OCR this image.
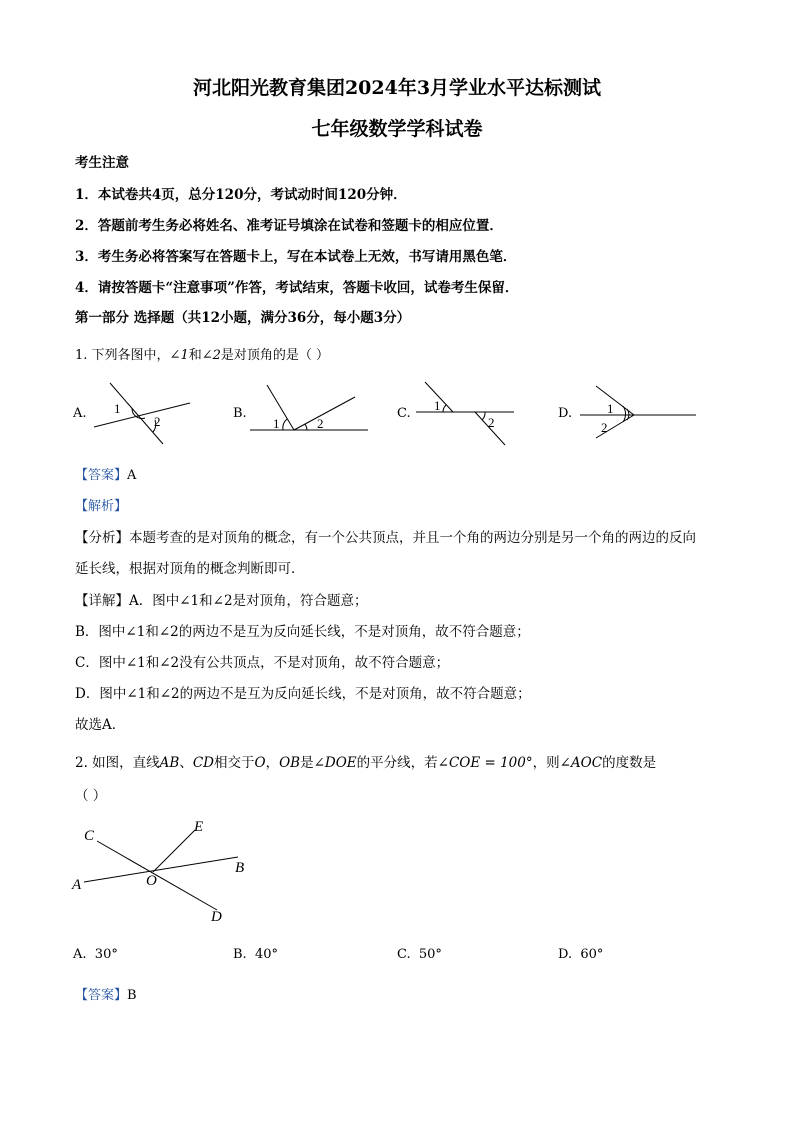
河北阳光教育集团2024年3月学业水平达标测试
七年级数学学科试卷
考生注意
1．本试卷共4页，总分120分，考试动时间120分钟．
2．答题前考生务必将姓名、准考证号填涂在试卷和签题卡的相应位置．
3．考生务必将答案写在答题卡上，写在本试卷上无效，书写请用黑色笔．
4．请按答题卡“注意事项”作答，考试结束，答题卡收回，试卷考生保留．
第一部分 选择题（共12小题，满分36分，每小题3分）
1. 下列各图中，∠1和∠2是对顶角的是（ ）
A. 1
2
B.
1	2
C.
1
2
D.	1
2
【答案】A
【解析】
【分析】本题考查的是对顶角的概念，有一个公共顶点，并且一个角的两边分别是另一个角的两边的反向
延长线，根据对顶角的概念判断即可．
【详解】A．图中∠1和∠2是对顶角，符合题意；
B．图中∠1和∠2的两边不是互为反向延长线，不是对顶角，故不符合题意；
C．图中∠1和∠2没有公共顶点，不是对顶角，故不符合题意；
D．图中∠1和∠2的两边不是互为反向延长线，不是对顶角，故不符合题意；
故选A．
2. 如图，直线AB、CD相交于O，OB是∠DOE的平分线，若∠COE = 100°，则∠AOC的度数是
（ ）
C
E
B
A	O
D
A. 30°	B. 40°	C. 50°	D. 60°
【答案】B
